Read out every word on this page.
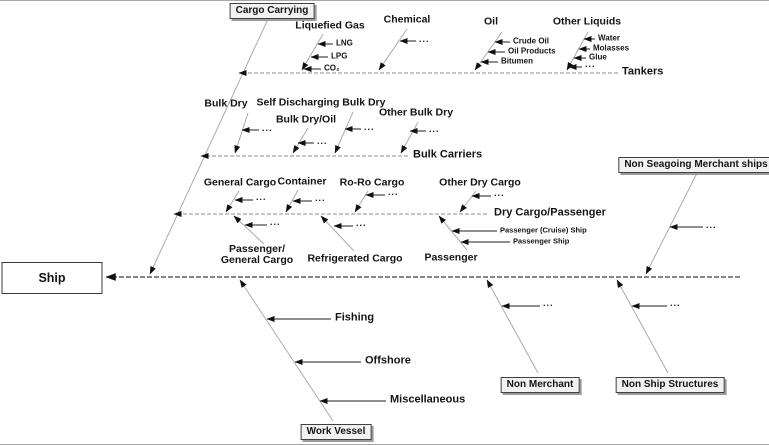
Ship
Cargo Carrying
Non Seagoing Merchant ships
Non Merchant	Non Ship Structures
Work Vessel
Liquefied Gas
LNG
LPG
CO₂
Chemical
...
Oil
Crude Oil
Oil Products
Bitumen
Other Liquids
Water
Molasses
Glue
...
Tankers
Bulk Dry
Bulk Dry/Oil
Self Discharging Bulk Dry
Other Bulk Dry
...
...
...	...
Bulk Carriers
General Cargo Container Ro-Ro Cargo	Other Dry Cargo
...	...
...	...
Dry Cargo/Passenger
Passenger/
General Cargo
...
Refrigerated Cargo
...
Passenger
Passenger (Cruise) Ship
Passenger Ship
...
...	...
Fishing
Offshore
Miscellaneous
